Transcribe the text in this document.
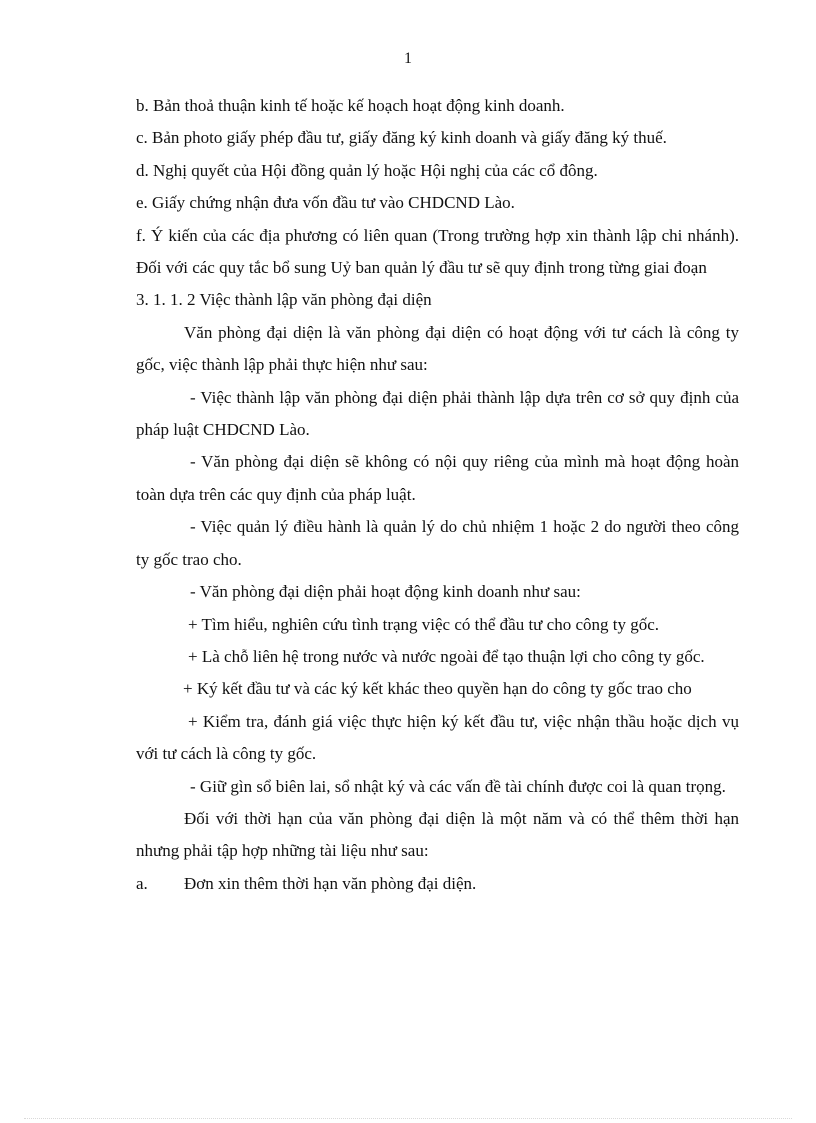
1

b. Bản thoả thuận kinh tế hoặc kế hoạch hoạt động kinh doanh.

c. Bản photo giấy phép đầu tư, giấy đăng ký kinh doanh và giấy đăng ký thuế.

d. Nghị quyết của Hội đồng quản lý hoặc Hội nghị của các cổ đông.

e. Giấy chứng nhận đưa vốn đầu tư vào CHDCND Lào.

f. Ý kiến của các địa phương có liên quan (Trong trường hợp xin thành lập chi nhánh). Đối với các quy tắc bổ sung Uỷ ban quản lý đầu tư sẽ quy định trong từng giai đoạn

3. 1. 1. 2 Việc thành lập văn phòng đại diện

Văn phòng đại diện là văn phòng đại diện có hoạt động với tư cách là công ty gốc, việc thành lập phải thực hiện như sau:

- Việc thành lập văn phòng đại diện phải thành lập dựa trên cơ sở quy định của pháp luật CHDCND Lào.

- Văn phòng đại diện sẽ không có nội quy riêng của mình mà hoạt động hoàn toàn dựa trên các quy định của pháp luật.

- Việc quản lý điều hành là quản lý do chủ nhiệm 1 hoặc 2 do người theo công ty gốc trao cho.

- Văn phòng đại diện phải hoạt động kinh doanh như sau:

+ Tìm hiểu, nghiên cứu tình trạng việc có thể đầu tư cho công ty gốc.

+ Là chỗ liên hệ trong nước và nước ngoài để tạo thuận lợi cho công ty gốc.

+ Ký kết đầu tư và các ký kết khác theo quyền hạn do công ty gốc trao cho

+ Kiểm tra, đánh giá việc thực hiện ký kết đầu tư, việc nhận thầu hoặc dịch vụ với tư cách là công ty gốc.

- Giữ gìn sổ biên lai, sổ nhật ký và các vấn đề tài chính được coi là quan trọng.

Đối với thời hạn của văn phòng đại diện là một năm và có thể thêm thời hạn nhưng phải tập hợp những tài liệu như sau:

a.	Đơn xin thêm thời hạn văn phòng đại diện.
